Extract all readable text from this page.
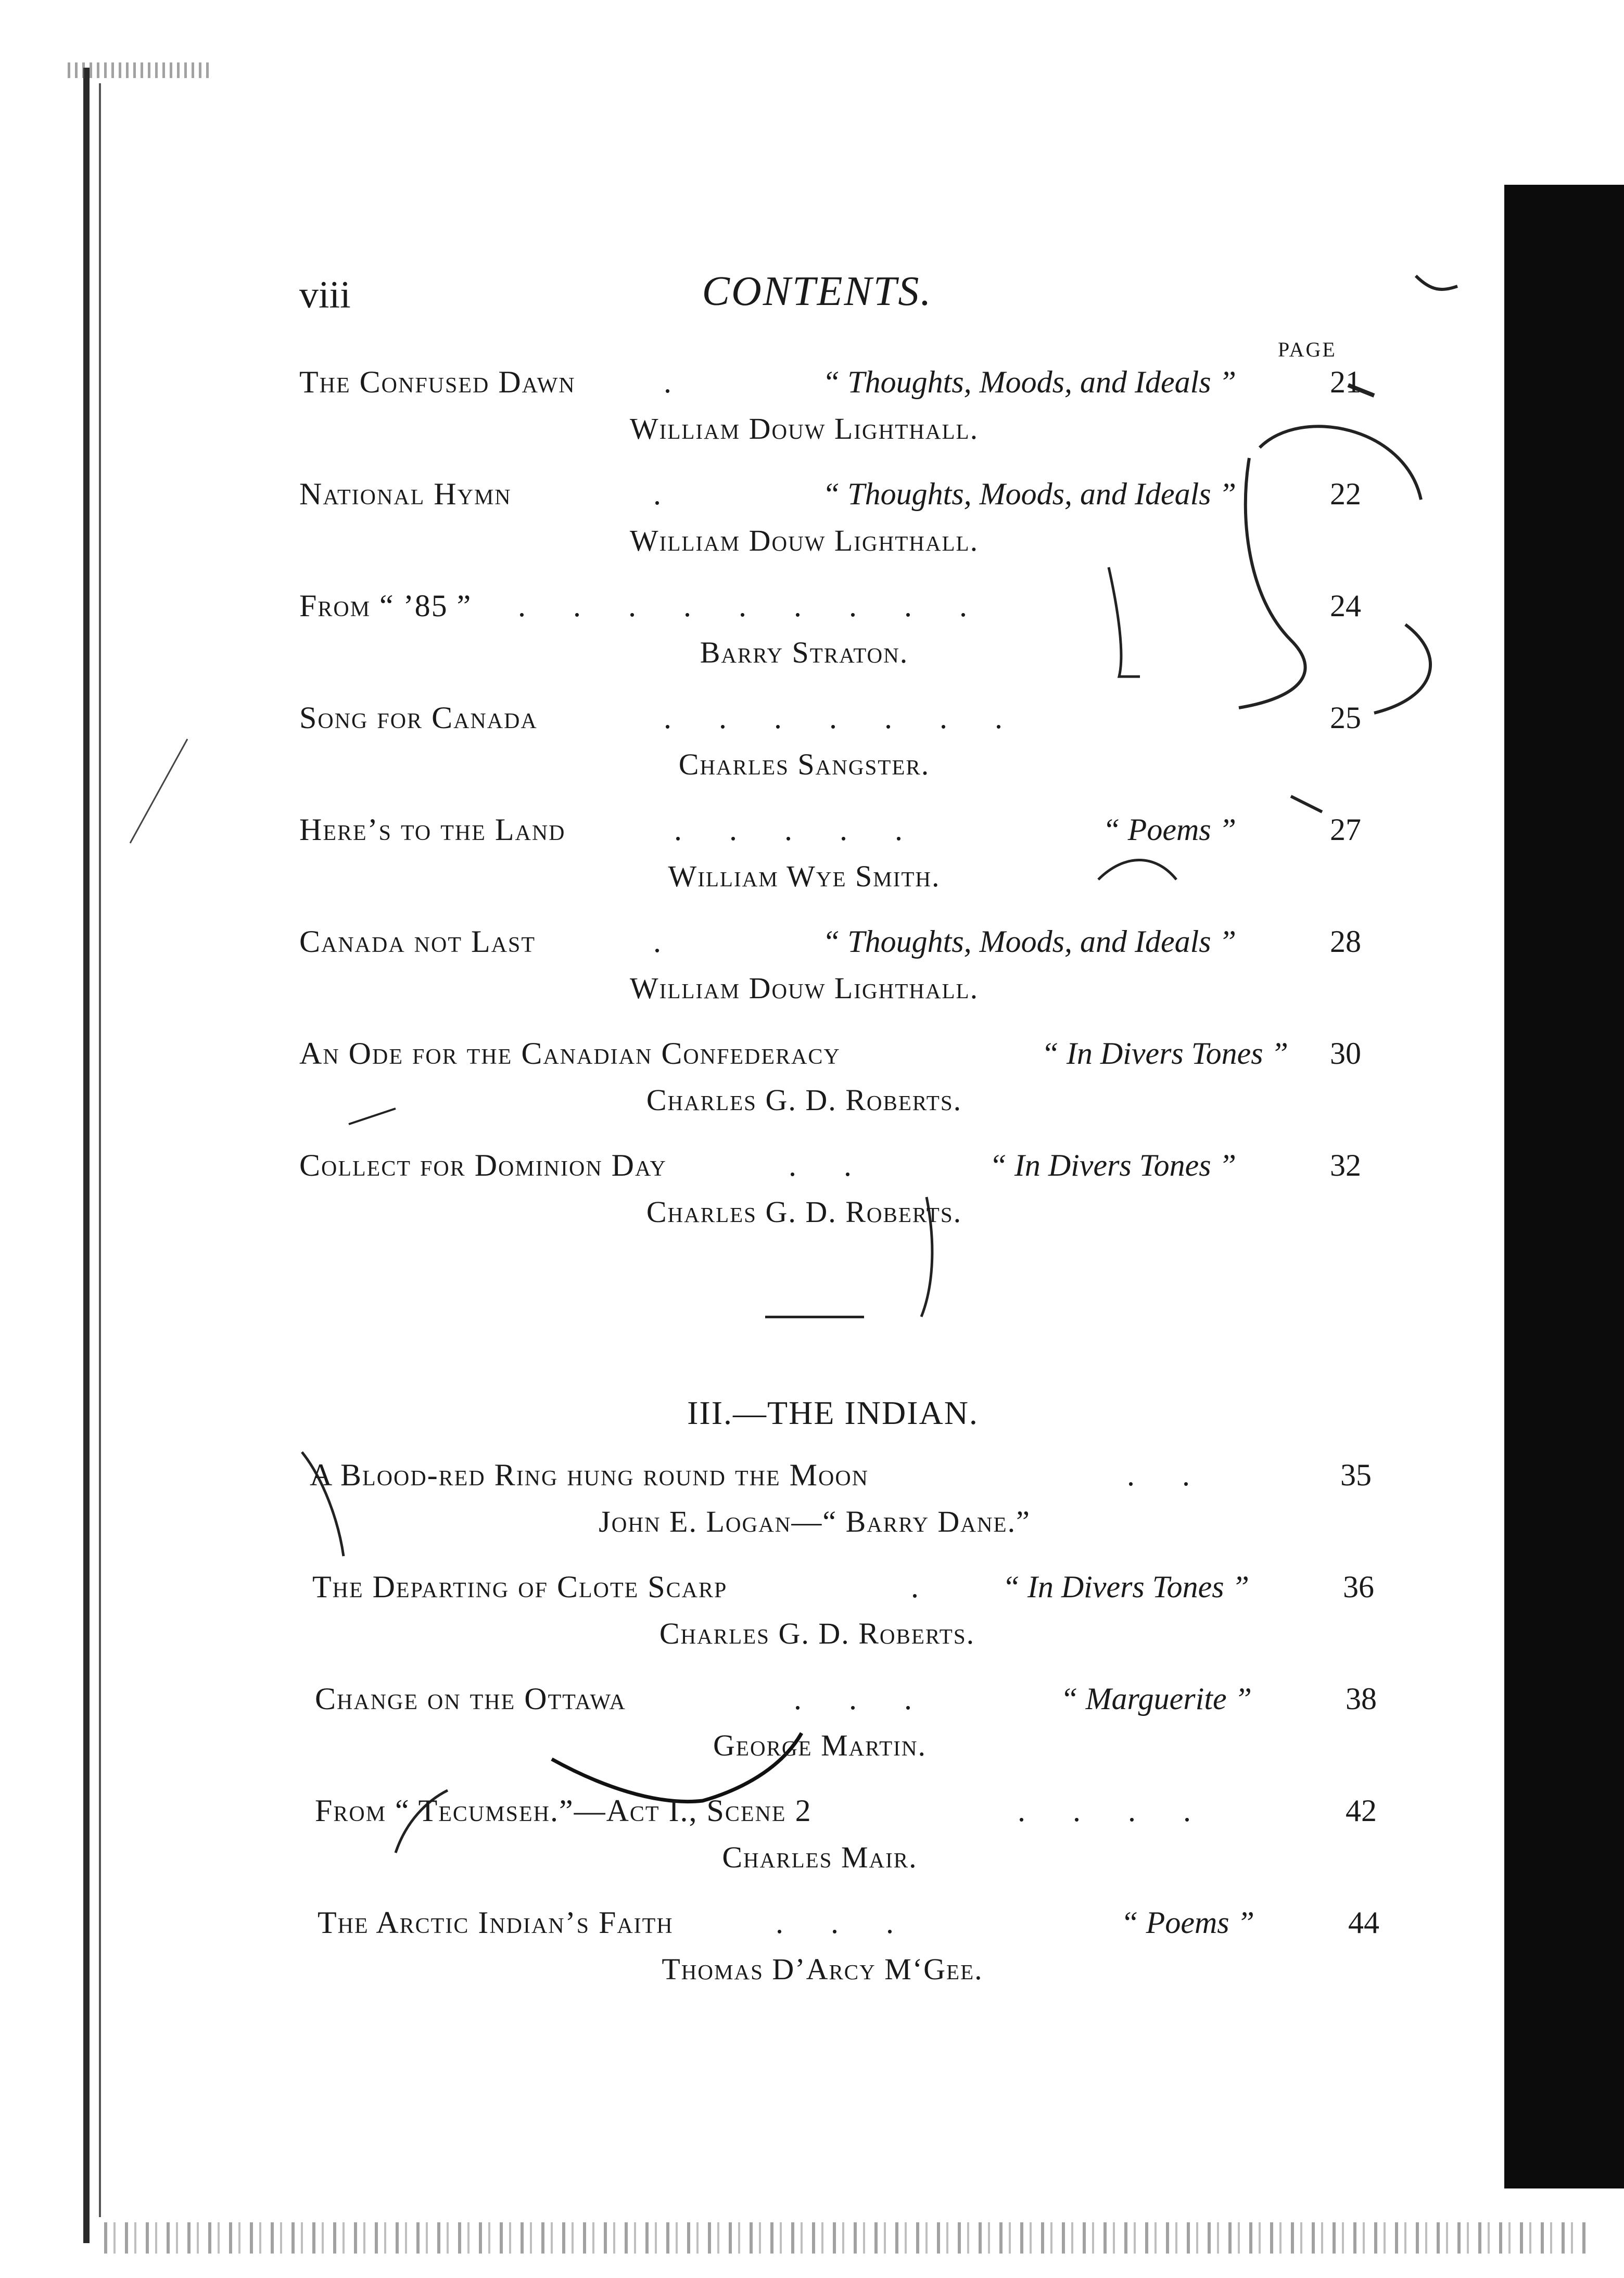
viii	CONTENTS.
PAGE
The Confused Dawn	.	“ Thoughts, Moods, and Ideals ”	21
William Douw Lighthall.
National Hymn	.	“ Thoughts, Moods, and Ideals ”	22
William Douw Lighthall.
From “ ’85 ” . . . . . . . . .	24
Barry Straton.
Song for Canada	. . . . . . .	25
Charles Sangster.
Here’s to the Land	. . . . .	“ Poems ”	27
William Wye Smith.
Canada not Last	.	“ Thoughts, Moods, and Ideals ”	28
William Douw Lighthall.
An Ode for the Canadian Confederacy	“ In Divers Tones ”	30
Charles G. D. Roberts.
Collect for Dominion Day	. .	“ In Divers Tones ”	32
Charles G. D. Roberts.
III.—THE INDIAN.
A Blood-red Ring hung round the Moon	. .	35
John E. Logan—“ Barry Dane.”
The Departing of Clote Scarp	. “ In Divers Tones ”	36
Charles G. D. Roberts.
Change on the Ottawa	. . .	“ Marguerite ”	38
George Martin.
From “ Tecumseh.”—Act I., Scene 2	. . . .	42
Charles Mair.
The Arctic Indian’s Faith	. . .	“ Poems ”	44
Thomas D’Arcy M‘Gee.
